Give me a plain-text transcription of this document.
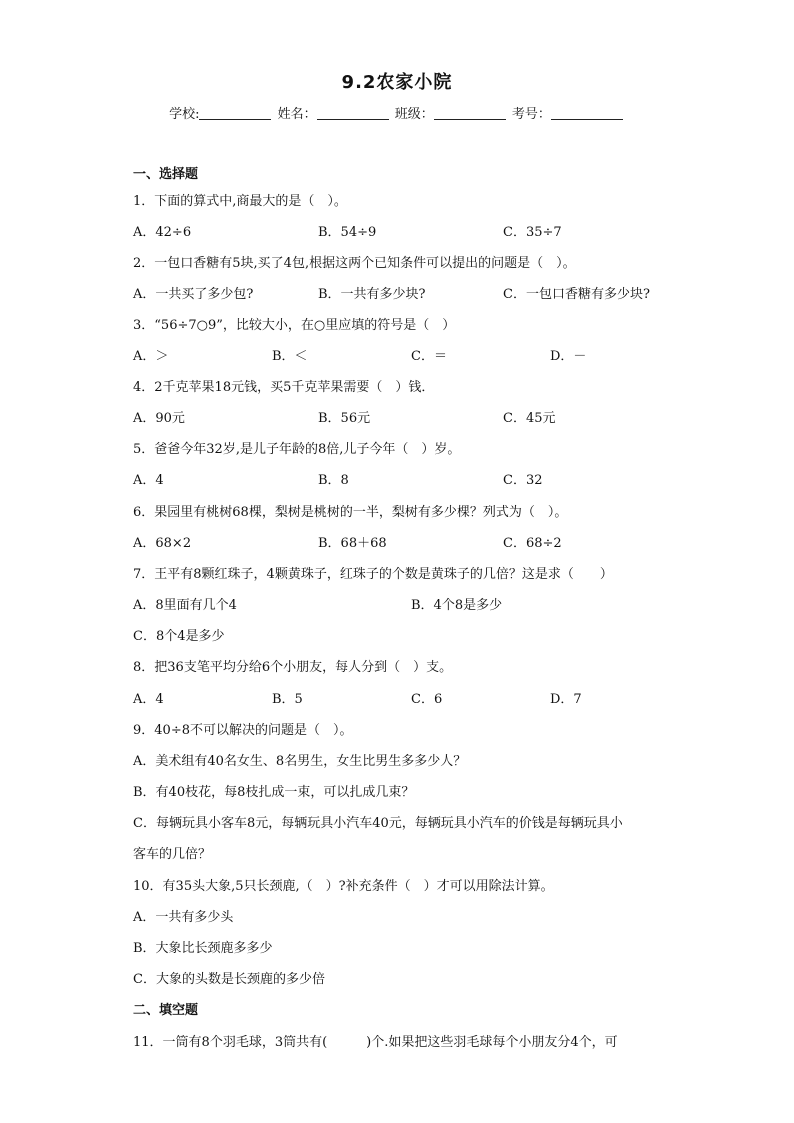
9.2农家小院
学校:	姓名：	班级：	考号：
一、选择题
1．下面的算式中,商最大的是（　）。
A．42÷6	B．54÷9	C．35÷7
2．一包口香糖有5块,买了4包,根据这两个已知条件可以提出的问题是（　）。
A．一共买了多少包?	B．一共有多少块?	C．一包口香糖有多少块?
3．“56÷7○9”，比较大小，在○里应填的符号是（　）
A．＞	B．＜	C．＝	D．－
4．2千克苹果18元钱，买5千克苹果需要（　）钱．
A．90元	B．56元	C．45元
5．爸爸今年32岁,是儿子年龄的8倍,儿子今年（　）岁。
A．4	B．8	C．32
6．果园里有桃树68棵，梨树是桃树的一半，梨树有多少棵？列式为（　）。
A．68×2	B．68＋68	C．68÷2
7．王平有8颗红珠子，4颗黄珠子，红珠子的个数是黄珠子的几倍？这是求（　　）
A．8里面有几个4	B．4个8是多少
C．8个4是多少
8．把36支笔平均分给6个小朋友，每人分到（　）支。
A．4	B．5	C．6	D．7
9．40÷8不可以解决的问题是（　）。
A．美术组有40名女生、8名男生，女生比男生多多少人？
B．有40枝花，每8枝扎成一束，可以扎成几束？
C．每辆玩具小客车8元，每辆玩具小汽车40元，每辆玩具小汽车的价钱是每辆玩具小
客车的几倍？
10．有35头大象,5只长颈鹿,（　）?补充条件（　）才可以用除法计算。
A．一共有多少头
B．大象比长颈鹿多多少
C．大象的头数是长颈鹿的多少倍
二、填空题
11．一筒有8个羽毛球，3筒共有(　　　)个.如果把这些羽毛球每个小朋友分4个，可
